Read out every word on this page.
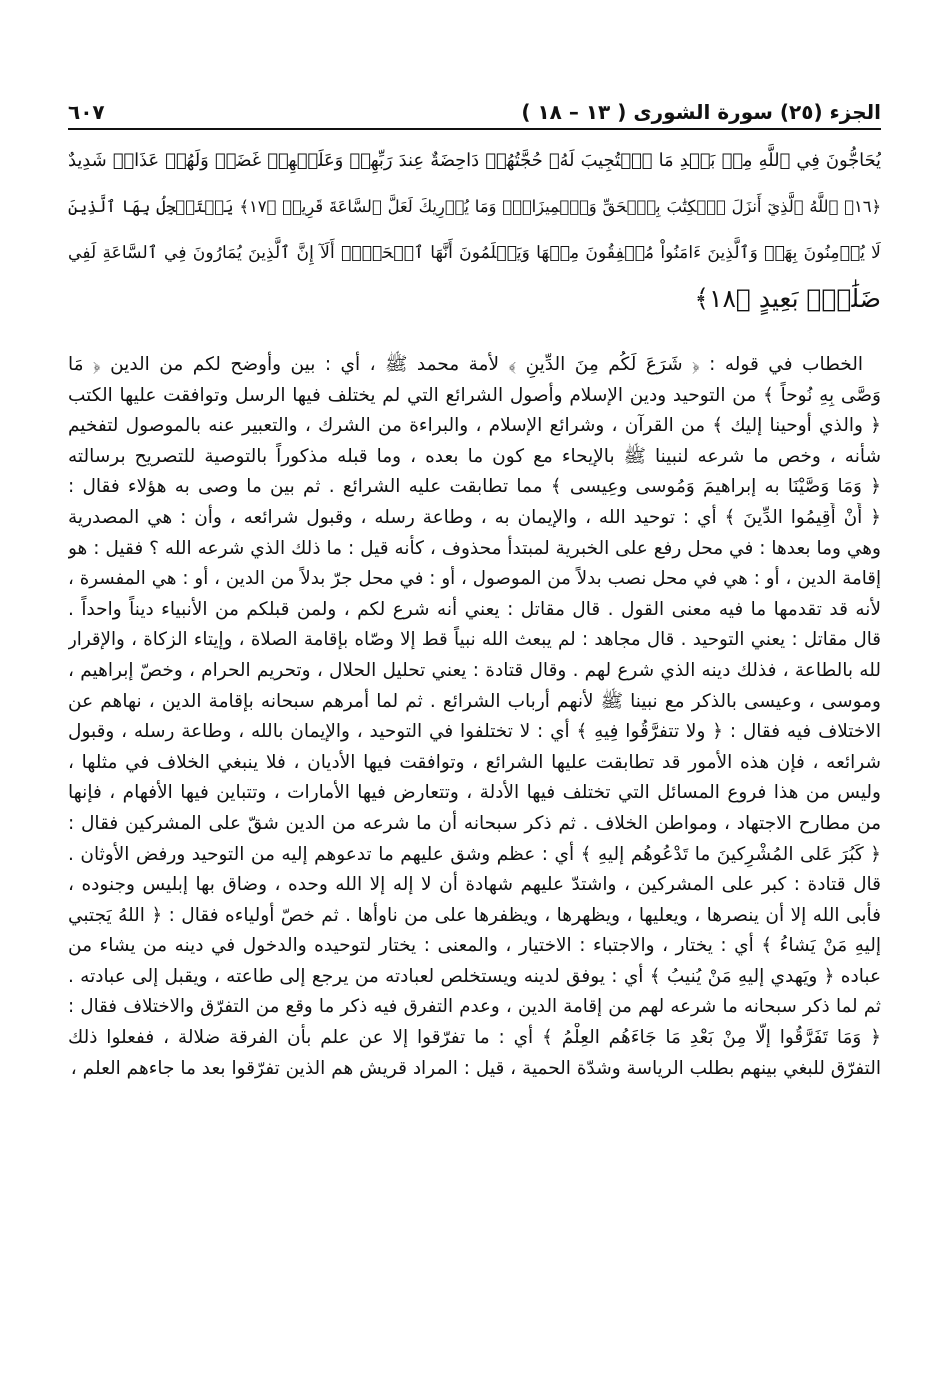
الجزء (٢٥) سورة الشورى ( ١٣ – ١٨ )
٦٠٧
يُحَاجُّونَ فِي ٱللَّهِ مِنۢ بَعۡدِ مَا ٱسۡتُجِيبَ لَهُۥ حُجَّتُهُمۡ دَاحِضَةٌ عِندَ رَبِّهِمۡ وَعَلَيۡهِمۡ غَضَبٞ وَلَهُمۡ عَذَابٞ شَدِيدٌ
﴿١٦﴾ ٱللَّهُ ٱلَّذِيٓ أَنزَلَ ٱلۡكِتَٰبَ بِٱلۡحَقِّ وَٱلۡمِيزَانَۗ وَمَا يُدۡرِيكَ لَعَلَّ ٱلسَّاعَةَ قَرِيبٞ ﴿١٧﴾ يَسۡتَعۡجِلُ بِهَا ٱلَّذِينَ
لَا يُؤۡمِنُونَ بِهَاۖ وَٱلَّذِينَ ءَامَنُواْ مُشۡفِقُونَ مِنۡهَا وَيَعۡلَمُونَ أَنَّهَا ٱلۡحَقُّۗ أَلَآ إِنَّ ٱلَّذِينَ يُمَارُونَ فِي ٱلسَّاعَةِ لَفِي
ضَلَٰلِۭ بَعِيدٍ ﴿١٨﴾
الخطاب في قوله : ﴿ شَرَعَ لَكُم مِنَ الدِّينِ ﴾ لأمة محمد ﷺ ، أي : بين وأوضح لكم من الدين ﴿ مَا
وَصَّى بِهِ نُوحاً ﴾ من التوحيد ودين الإسلام وأصول الشرائع التي لم يختلف فيها الرسل وتوافقت عليها الكتب
﴿ والذي أوحينا إليك ﴾ من القرآن ، وشرائع الإسلام ، والبراءة من الشرك ، والتعبير عنه بالموصول لتفخيم
شأنه ، وخص ما شرعه لنبينا ﷺ بالإيحاء مع كون ما بعده ، وما قبله مذكوراً بالتوصية للتصريح برسالته
﴿ وَمَا وَصَّيْنَا به إبراهيمَ وَمُوسى وعِيسى ﴾ مما تطابقت عليه الشرائع . ثم بين ما وصى به هؤلاء فقال :
﴿ أَنْ أَقِيمُوا الدِّينَ ﴾ أي : توحيد الله ، والإيمان به ، وطاعة رسله ، وقبول شرائعه ، وأن : هي المصدرية
وهي وما بعدها : في محل رفع على الخبرية لمبتدأ محذوف ، كأنه قيل : ما ذلك الذي شرعه الله ؟ فقيل : هو
إقامة الدين ، أو : هي في محل نصب بدلاً من الموصول ، أو : في محل جرّ بدلاً من الدين ، أو : هي المفسرة ،
لأنه قد تقدمها ما فيه معنى القول . قال مقاتل : يعني أنه شرع لكم ، ولمن قبلكم من الأنبياء ديناً واحداً .
قال مقاتل : يعني التوحيد . قال مجاهد : لم يبعث الله نبياً قط إلا وصّاه بإقامة الصلاة ، وإيتاء الزكاة ، والإقرار
لله بالطاعة ، فذلك دينه الذي شرع لهم . وقال قتادة : يعني تحليل الحلال ، وتحريم الحرام ، وخصّ إبراهيم ،
وموسى ، وعيسى بالذكر مع نبينا ﷺ لأنهم أرباب الشرائع . ثم لما أمرهم سبحانه بإقامة الدين ، نهاهم عن
الاختلاف فيه فقال : ﴿ ولا تتفرَّقُوا فِيهِ ﴾ أي : لا تختلفوا في التوحيد ، والإيمان بالله ، وطاعة رسله ، وقبول
شرائعه ، فإن هذه الأمور قد تطابقت عليها الشرائع ، وتوافقت فيها الأديان ، فلا ينبغي الخلاف في مثلها ،
وليس من هذا فروع المسائل التي تختلف فيها الأدلة ، وتتعارض فيها الأمارات ، وتتباين فيها الأفهام ، فإنها
من مطارح الاجتهاد ، ومواطن الخلاف . ثم ذكر سبحانه أن ما شرعه من الدين شقّ على المشركين فقال :
﴿ كَبُرَ عَلى المُشْرِكينَ ما تَدْعُوهُم إليهِ ﴾ أي : عظم وشق عليهم ما تدعوهم إليه من التوحيد ورفض الأوثان .
قال قتادة : كبر على المشركين ، واشتدّ عليهم شهادة أن لا إله إلا الله وحده ، وضاق بها إبليس وجنوده ،
فأبى الله إلا أن ينصرها ، ويعليها ، ويظهرها ، ويظفرها على من ناوأها . ثم خصّ أولياءه فقال : ﴿ اللهُ يَجتبي
إليهِ مَنْ يَشاءُ ﴾ أي : يختار ، والاجتباء : الاختيار ، والمعنى : يختار لتوحيده والدخول في دينه من يشاء من
عباده ﴿ ويَهدي إليهِ مَنْ يُنيبُ ﴾ أي : يوفق لدينه ويستخلص لعبادته من يرجع إلى طاعته ، ويقبل إلى عبادته .
ثم لما ذكر سبحانه ما شرعه لهم من إقامة الدين ، وعدم التفرق فيه ذكر ما وقع من التفرّق والاختلاف فقال :
﴿ وَمَا تَفَرَّقُوا إلّا مِنْ بَعْدِ مَا جَاءَهُم العِلْمُ ﴾ أي : ما تفرّقوا إلا عن علم بأن الفرقة ضلالة ، ففعلوا ذلك
التفرّق للبغي بينهم بطلب الرياسة وشدّة الحمية ، قيل : المراد قريش هم الذين تفرّقوا بعد ما جاءهم العلم ،
